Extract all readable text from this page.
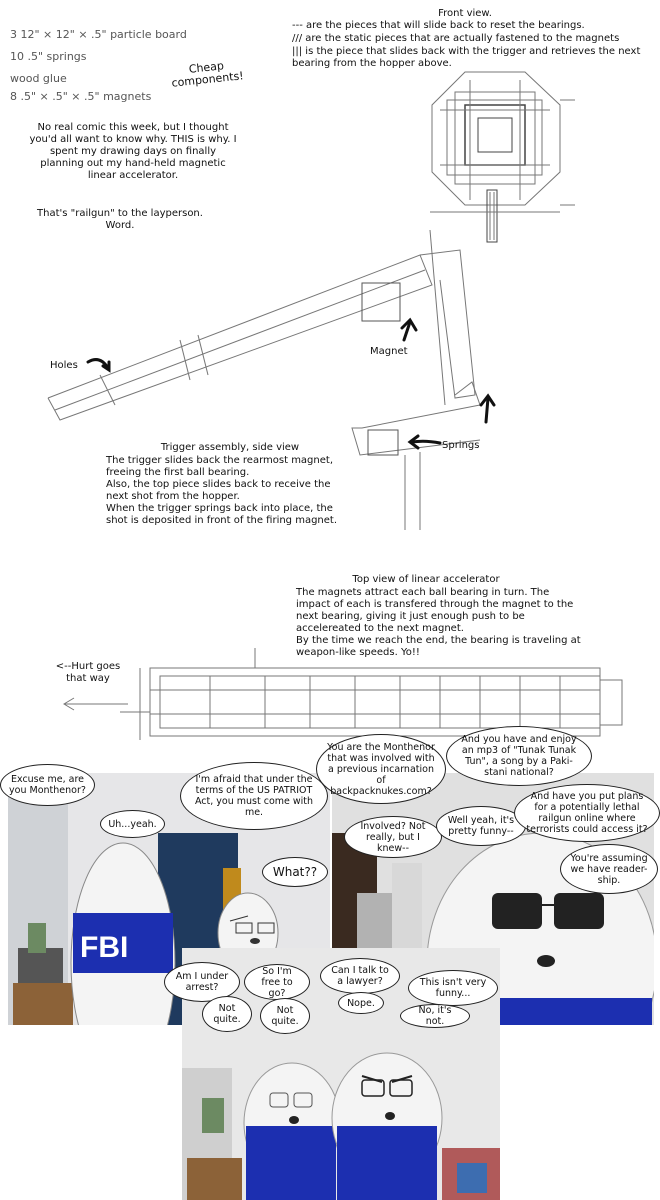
3 12" × 12" × .5" particle board
10 .5" springs
wood glue
8 .5" × .5" × .5" magnets
Cheap components!
No real comic this week, but I thought you'd all want to know why. THIS is why. I spent my drawing days on finally planning out my hand-held magnetic linear accelerator.
That's "railgun" to the layperson. Word.
Front view.
--- are the pieces that will slide back to reset the bearings.
/// are the static pieces that are actually fastened to the magnets
||| is the piece that slides back with the trigger and retrieves the next bearing from the hopper above.
Holes
Magnet
Springs
Trigger assembly, side view
The trigger slides back the rearmost magnet, freeing the first ball bearing.
Also, the top piece slides back to receive the next shot from the hopper.
When the trigger springs back into place, the shot is deposited in front of the firing magnet.
Top view of linear accelerator
The magnets attract each ball bearing in turn. The impact of each is transfered through the magnet to the next bearing, giving it just enough push to be accelereated to the next magnet.
By the time we reach the end, the bearing is traveling at weapon-like speeds. Yo!!
<--Hurt goes that way
FBI
Excuse me, are you Monthenor?
Uh...yeah.
I'm afraid that under the terms of the US PATRIOT Act, you must come with me.
What??
You are the Monthenor that was involved with a previous incarnation of backpacknukes.com?
And you have and enjoy an mp3 of "Tunak Tunak Tun", a song by a Paki-stani national?
Involved? Not really, but I knew--
Well yeah, it's pretty funny--
And have you put plans for a potentially lethal railgun online where terrorists could access it?
You're assuming we have reader-ship.
Am I under arrest?
So I'm free to go?
Can I talk to a lawyer?	This isn't very funny...
Not quite.
Not quite.
Nope.
No, it's not.
